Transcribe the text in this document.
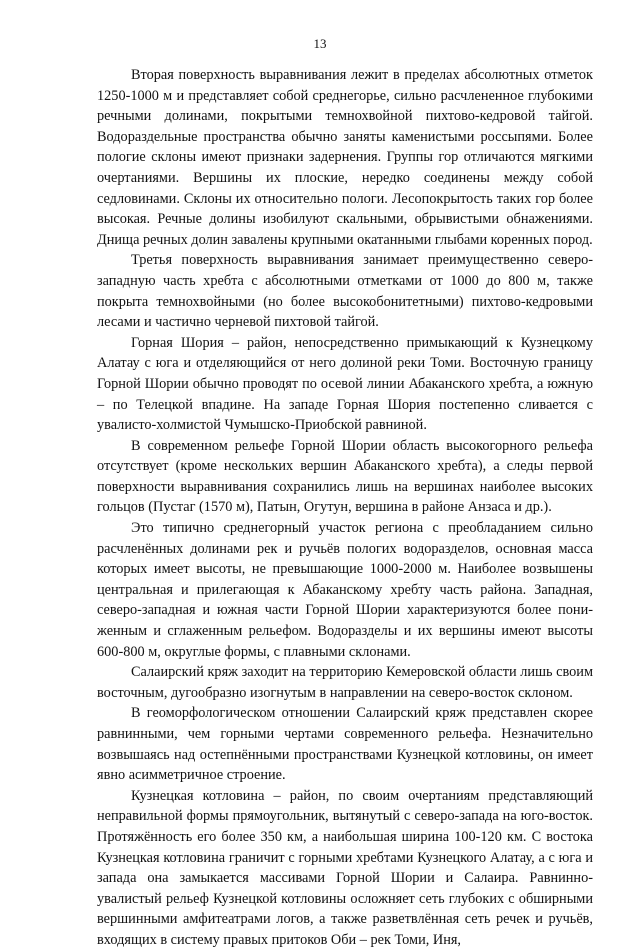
13

Вторая поверхность выравнивания лежит в пределах абсолютных отметок 1250-1000 м и представляет собой среднегорье, сильно расчлененное глубокими речными долинами, покрытыми темнохвойной пихтово-кедровой тайгой. Водораздельные пространства обычно заняты каменистыми россыпями. Более пологие склоны имеют признаки задернения. Группы гор отличаются мягкими очертаниями. Вершины их плоские, нередко соединены между собой седловинами. Склоны их относительно пологи. Лесопокрытость таких гор более высокая. Речные долины изобилуют скальными, обрывистыми обнажениями. Днища речных долин завалены крупными окатанными глыбами коренных пород.

Третья поверхность выравнивания занимает преимущественно северо-западную часть хребта с абсолютными отметками от 1000 до 800 м, также покрыта темнохвойными (но более высокобонитетными) пихтово-кедровыми лесами и частично черневой пихтовой тайгой.

Горная Шория – район, непосредственно примыкающий к Кузнецкому Алатау с юга и отделяющийся от него долиной реки Томи. Восточную границу Горной Шории обычно проводят по осевой линии Абаканского хребта, а южную – по Телецкой впадине. На западе Горная Шория постепенно сливается с увалисто-холмистой Чумышско-Приобской равниной.

В современном рельефе Горной Шории область высокогорного рельефа отсутствует (кроме нескольких вершин Абаканского хребта), а следы первой поверхности выравнивания сохранились лишь на вершинах наиболее высоких гольцов (Пустаг (1570 м), Патын, Огутун, вершина в районе Анзаса и др.).

Это типично среднегорный участок региона с преобладанием сильно расчленённых долинами рек и ручьёв пологих водоразделов, основная масса которых имеет высоты, не превышающие 1000-2000 м. Наиболее возвышены центральная и прилегающая к Абаканскому хребту часть района. Западная, северо-западная и южная части Горной Шории характеризуются более пониженным и сглаженным рельефом. Водоразделы и их вершины имеют высоты 600-800 м, округлые формы, с плавными склонами.

Салаирский кряж заходит на территорию Кемеровской области лишь своим восточным, дугообразно изогнутым в направлении на северо-восток склоном.

В геоморфологическом отношении Салаирский кряж представлен скорее равнинными, чем горными чертами современного рельефа. Незначительно возвышаясь над остепнёнными пространствами Кузнецкой котловины, он имеет явно асимметричное строение.

Кузнецкая котловина – район, по своим очертаниям представляющий неправильной формы прямоугольник, вытянутый с северо-запада на юго-восток. Протяжённость его более 350 км, а наибольшая ширина 100-120 км. С востока Кузнецкая котловина граничит с горными хребтами Кузнецкого Алатау, а с юга и запада она замыкается массивами Горной Шории и Салаира. Равнинно-увалистый рельеф Кузнецкой котловины осложняет сеть глубоких с обширными вершинными амфитеатрами логов, а также разветвлённая сеть речек и ручьёв, входящих в систему правых притоков Оби – рек Томи, Иня,
